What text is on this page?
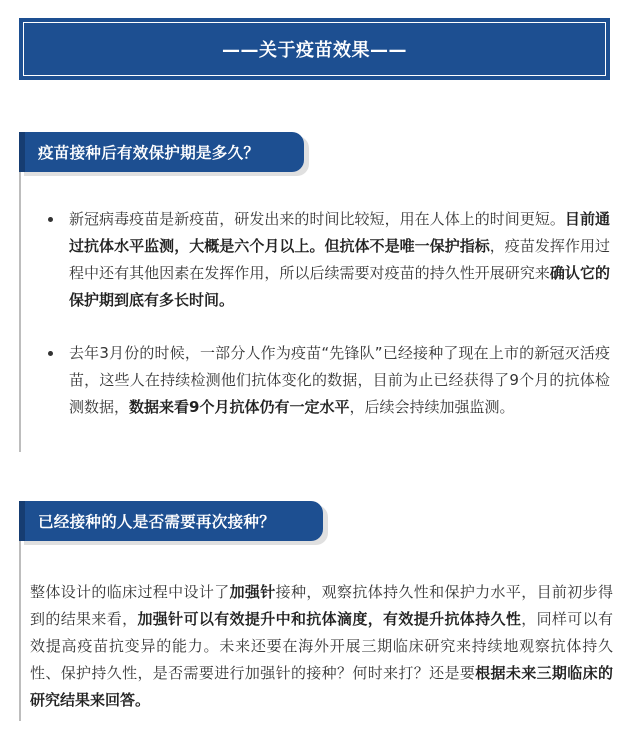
——关于疫苗效果——
疫苗接种后有效保护期是多久？
新冠病毒疫苗是新疫苗，研发出来的时间比较短，用在人体上的时间更短。目前通过抗体水平监测，大概是六个月以上。但抗体不是唯一保护指标，疫苗发挥作用过程中还有其他因素在发挥作用，所以后续需要对疫苗的持久性开展研究来确认它的保护期到底有多长时间。
去年3月份的时候，一部分人作为疫苗“先锋队”已经接种了现在上市的新冠灭活疫苗，这些人在持续检测他们抗体变化的数据，目前为止已经获得了9个月的抗体检测数据，数据来看9个月抗体仍有一定水平，后续会持续加强监测。
已经接种的人是否需要再次接种？

整体设计的临床过程中设计了加强针接种，观察抗体持久性和保护力水平，目前初步得到的结果来看，加强针可以有效提升中和抗体滴度，有效提升抗体持久性，同样可以有效提高疫苗抗变异的能力。未来还要在海外开展三期临床研究来持续地观察抗体持久性、保护持久性，是否需要进行加强针的接种？何时来打？还是要根据未来三期临床的研究结果来回答。
